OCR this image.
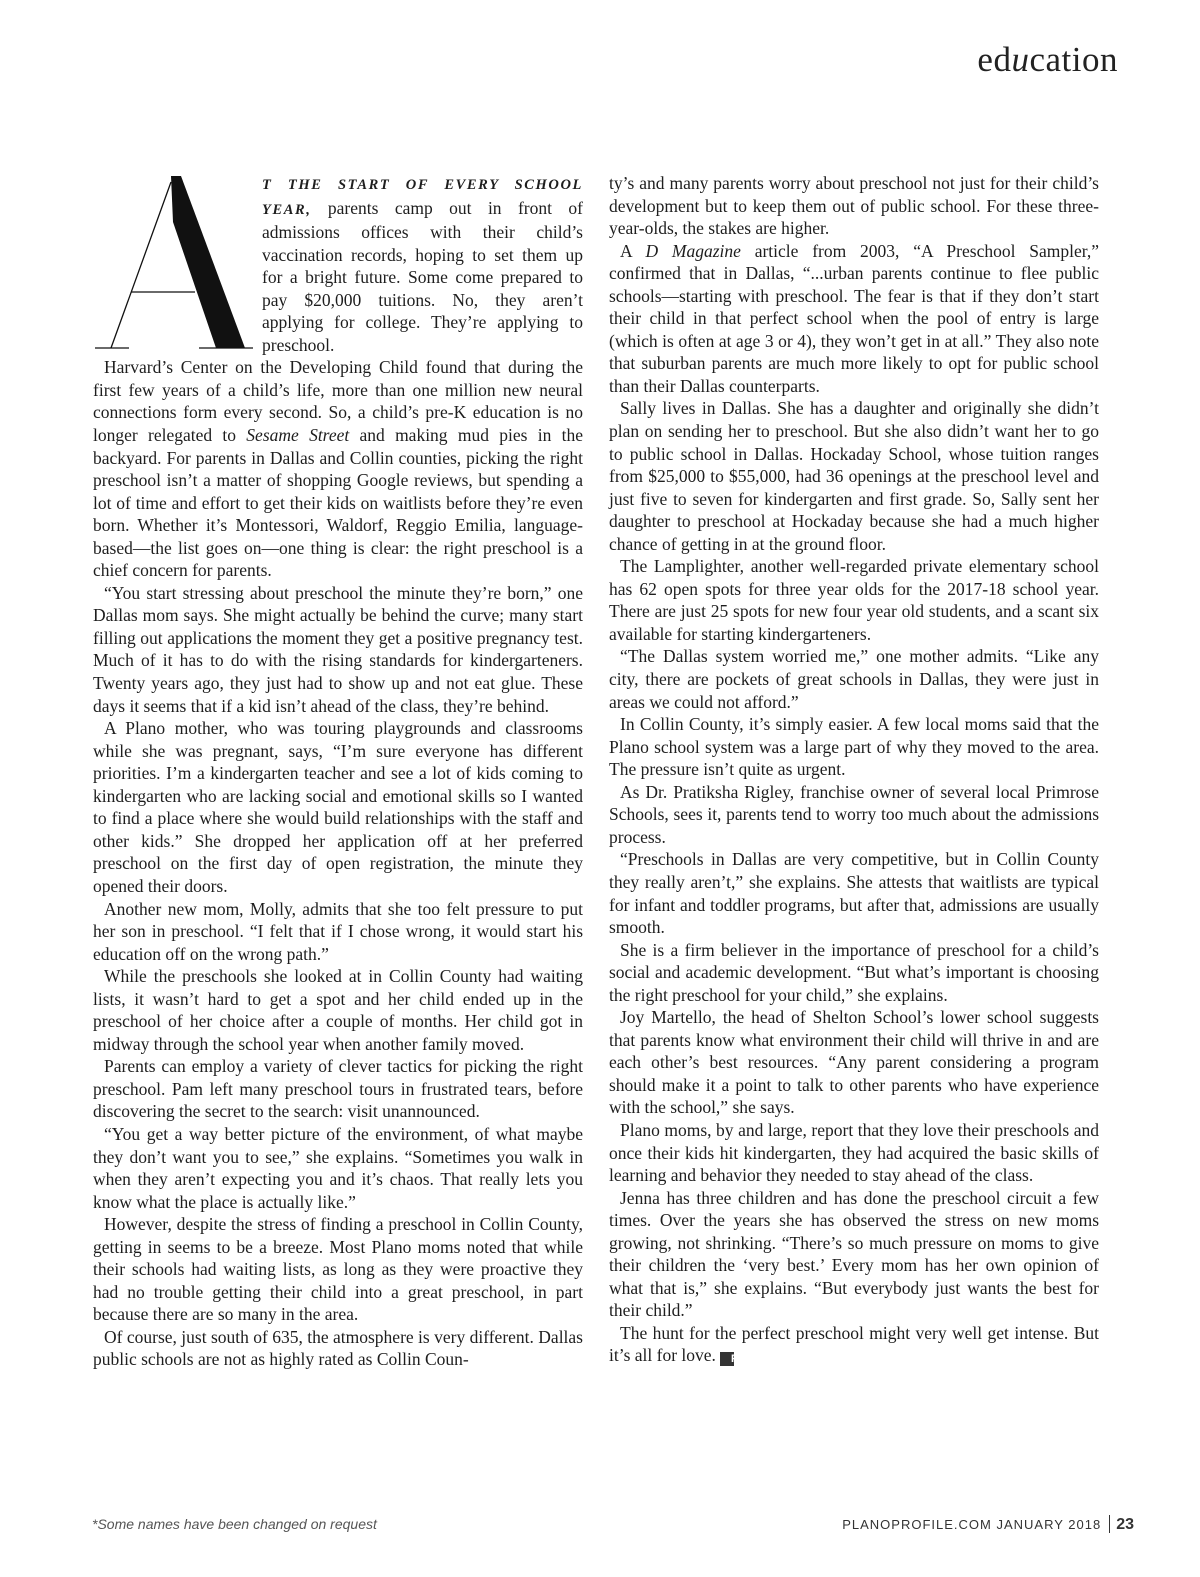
education

T THE START OF EVERY SCHOOL YEAR, parents camp out in front of admissions offices with their child’s vaccination records, hoping to set them up for a bright future. Some come prepared to pay $20,000 tuitions. No, they aren’t applying for college. They’re applying to preschool.

Harvard’s Center on the Developing Child found that during the first few years of a child’s life, more than one million new neural connections form every second. So, a child’s pre-K education is no longer relegated to Sesame Street and making mud pies in the backyard. For parents in Dallas and Collin counties, picking the right preschool isn’t a matter of shopping Google reviews, but spending a lot of time and effort to get their kids on waitlists before they’re even born. Whether it’s Montessori, Waldorf, Reggio Emilia, language-based—the list goes on—one thing is clear: the right preschool is a chief concern for parents.

“You start stressing about preschool the minute they’re born,” one Dallas mom says. She might actually be behind the curve; many start filling out applications the moment they get a positive pregnancy test. Much of it has to do with the rising standards for kindergarteners. Twenty years ago, they just had to show up and not eat glue. These days it seems that if a kid isn’t ahead of the class, they’re behind.

A Plano mother, who was touring playgrounds and classrooms while she was pregnant, says, “I’m sure everyone has different priorities. I’m a kindergarten teacher and see a lot of kids coming to kindergarten who are lacking social and emotional skills so I wanted to find a place where she would build relationships with the staff and other kids.” She dropped her application off at her preferred preschool on the first day of open registration, the minute they opened their doors.

Another new mom, Molly, admits that she too felt pressure to put her son in preschool. “I felt that if I chose wrong, it would start his education off on the wrong path.”

While the preschools she looked at in Collin County had waiting lists, it wasn’t hard to get a spot and her child ended up in the preschool of her choice after a couple of months. Her child got in midway through the school year when another family moved.

Parents can employ a variety of clever tactics for picking the right preschool. Pam left many preschool tours in frustrated tears, before discovering the secret to the search: visit unannounced.

“You get a way better picture of the environment, of what maybe they don’t want you to see,” she explains. “Sometimes you walk in when they aren’t expecting you and it’s chaos. That really lets you know what the place is actually like.”

However, despite the stress of finding a preschool in Collin County, getting in seems to be a breeze. Most Plano moms noted that while their schools had waiting lists, as long as they were proactive they had no trouble getting their child into a great preschool, in part because there are so many in the area.

Of course, just south of 635, the atmosphere is very different. Dallas public schools are not as highly rated as Collin Coun-

ty’s and many parents worry about preschool not just for their child’s development but to keep them out of public school. For these three-year-olds, the stakes are higher.

A D Magazine article from 2003, “A Preschool Sampler,” confirmed that in Dallas, “...urban parents continue to flee public schools—starting with preschool. The fear is that if they don’t start their child in that perfect school when the pool of entry is large (which is often at age 3 or 4), they won’t get in at all.” They also note that suburban parents are much more likely to opt for public school than their Dallas counterparts.

Sally lives in Dallas. She has a daughter and originally she didn’t plan on sending her to preschool. But she also didn’t want her to go to public school in Dallas. Hockaday School, whose tuition ranges from $25,000 to $55,000, had 36 openings at the preschool level and just five to seven for kindergarten and first grade. So, Sally sent her daughter to preschool at Hockaday because she had a much higher chance of getting in at the ground floor.

The Lamplighter, another well-regarded private elementary school has 62 open spots for three year olds for the 2017-18 school year. There are just 25 spots for new four year old students, and a scant six available for starting kindergarteners.

“The Dallas system worried me,” one mother admits. “Like any city, there are pockets of great schools in Dallas, they were just in areas we could not afford.”

In Collin County, it’s simply easier. A few local moms said that the Plano school system was a large part of why they moved to the area. The pressure isn’t quite as urgent.

As Dr. Pratiksha Rigley, franchise owner of several local Primrose Schools, sees it, parents tend to worry too much about the admissions process.

“Preschools in Dallas are very competitive, but in Collin County they really aren’t,” she explains. She attests that waitlists are typical for infant and toddler programs, but after that, admissions are usually smooth.

She is a firm believer in the importance of preschool for a child’s social and academic development. “But what’s important is choosing the right preschool for your child,” she explains.

Joy Martello, the head of Shelton School’s lower school suggests that parents know what environment their child will thrive in and are each other’s best resources. “Any parent considering a program should make it a point to talk to other parents who have experience with the school,” she says.

Plano moms, by and large, report that they love their preschools and once their kids hit kindergarten, they had acquired the basic skills of learning and behavior they needed to stay ahead of the class.

Jenna has three children and has done the preschool circuit a few times. Over the years she has observed the stress on new moms growing, not shrinking. “There’s so much pressure on moms to give their children the ‘very best.’ Every mom has her own opinion of what that is,” she explains. “But everybody just wants the best for their child.”

The hunt for the perfect preschool might very well get intense. But it’s all for love. P

*Some names have been changed on request	PLANOPROFILE.COM JANUARY 2018 23
